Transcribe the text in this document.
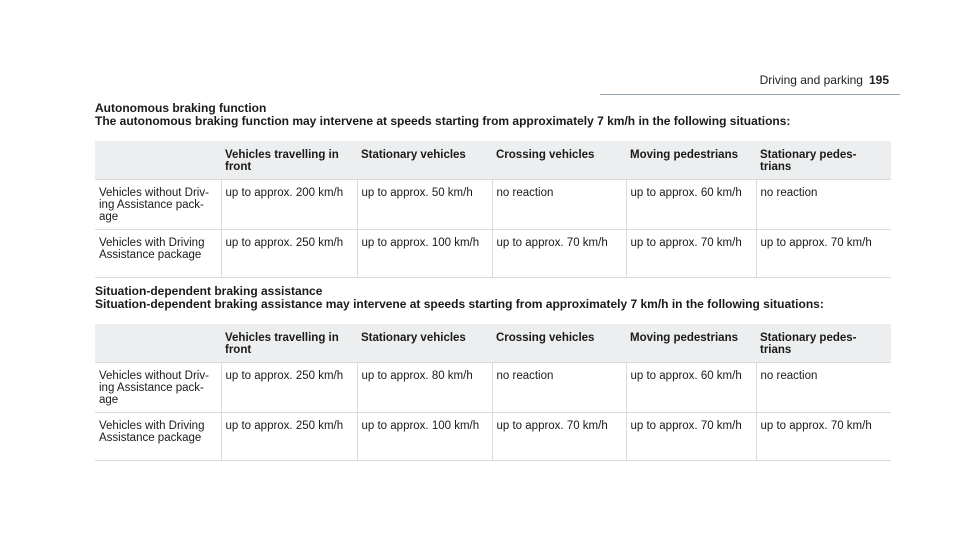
Driving and parking 195
Autonomous braking function
The autonomous braking function may intervene at speeds starting from approximately 7 km/h in the following situations:
	Vehicles travelling in front	Stationary vehicles	Crossing vehicles	Moving pedestrians	Stationary pedes-trians
Vehicles without Driv-ing Assistance pack-age	up to approx. 200 km/h	up to approx. 50 km/h	no reaction	up to approx. 60 km/h	no reaction
Vehicles with Driving Assistance package	up to approx. 250 km/h	up to approx. 100 km/h	up to approx. 70 km/h	up to approx. 70 km/h	up to approx. 70 km/h
Situation-dependent braking assistance
Situation-dependent braking assistance may intervene at speeds starting from approximately 7 km/h in the following situations:
	Vehicles travelling in front	Stationary vehicles	Crossing vehicles	Moving pedestrians	Stationary pedes-trians
Vehicles without Driv-ing Assistance pack-age	up to approx. 250 km/h	up to approx. 80 km/h	no reaction	up to approx. 60 km/h	no reaction
Vehicles with Driving Assistance package	up to approx. 250 km/h	up to approx. 100 km/h	up to approx. 70 km/h	up to approx. 70 km/h	up to approx. 70 km/h
